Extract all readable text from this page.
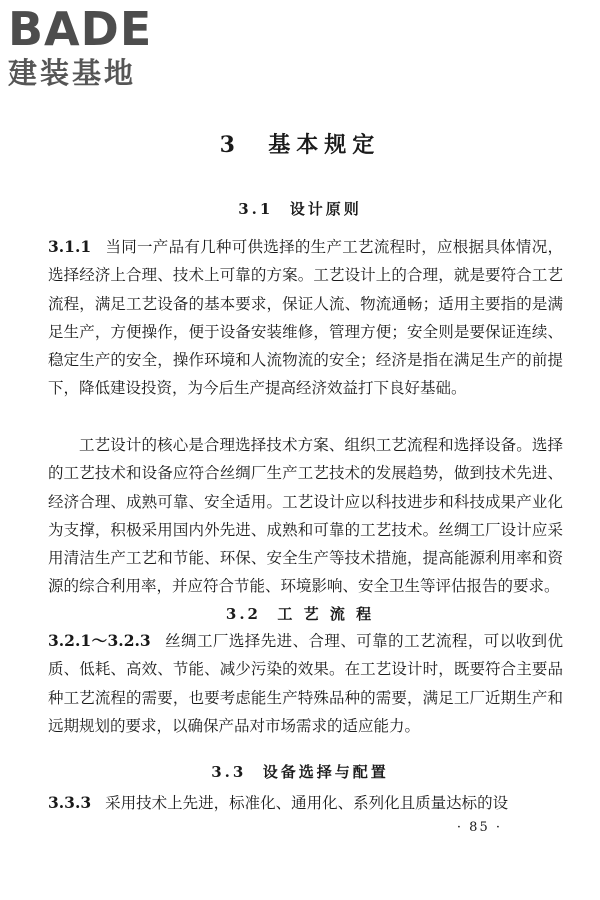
BADE
建装基地
3  基本规定
3.1  设计原则

3.1.1 当同一产品有几种可供选择的生产工艺流程时，应根据具体情况，选择经济上合理、技术上可靠的方案。工艺设计上的合理，就是要符合工艺流程，满足工艺设备的基本要求，保证人流、物流通畅；适用主要指的是满足生产，方便操作，便于设备安装维修，管理方便；安全则是要保证连续、稳定生产的安全，操作环境和人流物流的安全；经济是指在满足生产的前提下，降低建设投资，为今后生产提高经济效益打下良好基础。

工艺设计的核心是合理选择技术方案、组织工艺流程和选择设备。选择的工艺技术和设备应符合丝绸厂生产工艺技术的发展趋势，做到技术先进、经济合理、成熟可靠、安全适用。工艺设计应以科技进步和科技成果产业化为支撑，积极采用国内外先进、成熟和可靠的工艺技术。丝绸工厂设计应采用清洁生产工艺和节能、环保、安全生产等技术措施，提高能源利用率和资源的综合利用率，并应符合节能、环境影响、安全卫生等评估报告的要求。

3.2  工 艺 流 程

3.2.1～3.2.3 丝绸工厂选择先进、合理、可靠的工艺流程，可以收到优质、低耗、高效、节能、减少污染的效果。在工艺设计时，既要符合主要品种工艺流程的需要，也要考虑能生产特殊品种的需要，满足工厂近期生产和远期规划的要求，以确保产品对市场需求的适应能力。

3.3  设备选择与配置

3.3.3 采用技术上先进，标准化、通用化、系列化且质量达标的设

· 85 ·
